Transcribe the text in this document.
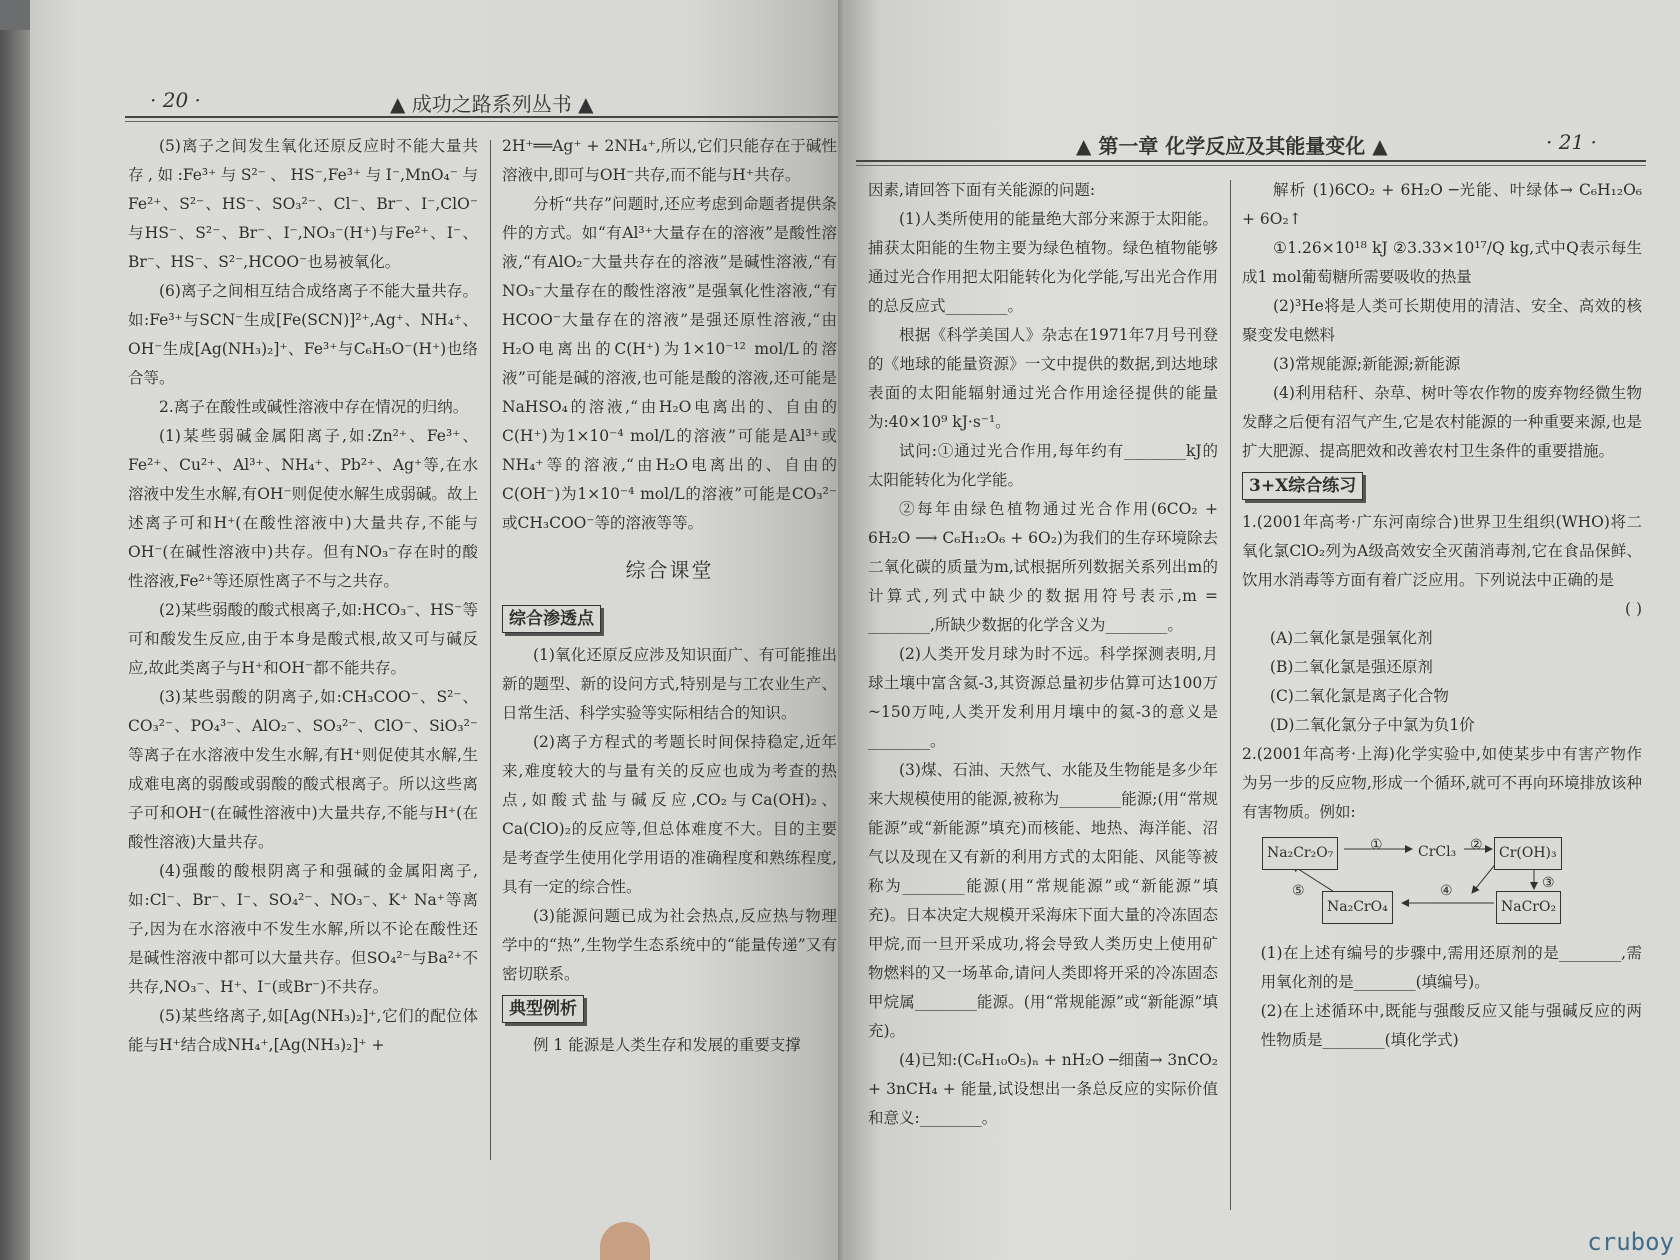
· 20 ·	▲ 成功之路系列丛书 ▲

(5)离子之间发生氧化还原反应时不能大量共存,如:Fe³⁺与S²⁻、HS⁻,Fe³⁺与I⁻,MnO₄⁻与Fe²⁺、S²⁻、HS⁻、SO₃²⁻、Cl⁻、Br⁻、I⁻,ClO⁻与HS⁻、S²⁻、Br⁻、I⁻,NO₃⁻(H⁺)与Fe²⁺、I⁻、Br⁻、HS⁻、S²⁻,HCOO⁻也易被氧化。

(6)离子之间相互结合成络离子不能大量共存。如:Fe³⁺与SCN⁻生成[Fe(SCN)]²⁺,Ag⁺、NH₄⁺、OH⁻生成[Ag(NH₃)₂]⁺、Fe³⁺与C₆H₅O⁻(H⁺)也络合等。

2.离子在酸性或碱性溶液中存在情况的归纳。

(1)某些弱碱金属阳离子,如:Zn²⁺、Fe³⁺、Fe²⁺、Cu²⁺、Al³⁺、NH₄⁺、Pb²⁺、Ag⁺等,在水溶液中发生水解,有OH⁻则促使水解生成弱碱。故上述离子可和H⁺(在酸性溶液中)大量共存,不能与OH⁻(在碱性溶液中)共存。但有NO₃⁻存在时的酸性溶液,Fe²⁺等还原性离子不与之共存。

(2)某些弱酸的酸式根离子,如:HCO₃⁻、HS⁻等可和酸发生反应,由于本身是酸式根,故又可与碱反应,故此类离子与H⁺和OH⁻都不能共存。

(3)某些弱酸的阴离子,如:CH₃COO⁻、S²⁻、CO₃²⁻、PO₄³⁻、AlO₂⁻、SO₃²⁻、ClO⁻、SiO₃²⁻等离子在水溶液中发生水解,有H⁺则促使其水解,生成难电离的弱酸或弱酸的酸式根离子。所以这些离子可和OH⁻(在碱性溶液中)大量共存,不能与H⁺(在酸性溶液)大量共存。

(4)强酸的酸根阴离子和强碱的金属阳离子,如:Cl⁻、Br⁻、I⁻、SO₄²⁻、NO₃⁻、K⁺ Na⁺等离子,因为在水溶液中不发生水解,所以不论在酸性还是碱性溶液中都可以大量共存。但SO₄²⁻与Ba²⁺不共存,NO₃⁻、H⁺、I⁻(或Br⁻)不共存。

(5)某些络离子,如[Ag(NH₃)₂]⁺,它们的配位体能与H⁺结合成NH₄⁺,[Ag(NH₃)₂]⁺ +

2H⁺══Ag⁺ + 2NH₄⁺,所以,它们只能存在于碱性溶液中,即可与OH⁻共存,而不能与H⁺共存。

分析“共存”问题时,还应考虑到命题者提供条件的方式。如“有Al³⁺大量存在的溶液”是酸性溶液,“有AlO₂⁻大量共存在的溶液”是碱性溶液,“有NO₃⁻大量存在的酸性溶液”是强氧化性溶液,“有HCOO⁻大量存在的溶液”是强还原性溶液,“由H₂O电离出的C(H⁺)为1×10⁻¹² mol/L的溶液”可能是碱的溶液,也可能是酸的溶液,还可能是NaHSO₄的溶液,“由H₂O电离出的、自由的C(H⁺)为1×10⁻⁴ mol/L的溶液”可能是Al³⁺或NH₄⁺等的溶液,“由H₂O电离出的、自由的C(OH⁻)为1×10⁻⁴ mol/L的溶液”可能是CO₃²⁻或CH₃COO⁻等的溶液等等。

综合课堂
综合渗透点

(1)氧化还原反应涉及知识面广、有可能推出新的题型、新的设问方式,特别是与工农业生产、日常生活、科学实验等实际相结合的知识。

(2)离子方程式的考题长时间保持稳定,近年来,难度较大的与量有关的反应也成为考查的热点,如酸式盐与碱反应,CO₂与Ca(OH)₂、Ca(ClO)₂的反应等,但总体难度不大。目的主要是考查学生使用化学用语的准确程度和熟练程度,具有一定的综合性。

(3)能源问题已成为社会热点,反应热与物理学中的“热”,生物学生态系统中的“能量传递”又有密切联系。

典型例析

例 1 能源是人类生存和发展的重要支撑

▲ 第一章 化学反应及其能量变化 ▲	· 21 ·

因素,请回答下面有关能源的问题:

(1)人类所使用的能量绝大部分来源于太阳能。捕获太阳能的生物主要为绿色植物。绿色植物能够通过光合作用把太阳能转化为化学能,写出光合作用的总反应式________。

根据《科学美国人》杂志在1971年7月号刊登的《地球的能量资源》一文中提供的数据,到达地球表面的太阳能辐射通过光合作用途径提供的能量为:40×10⁹ kJ·s⁻¹。

试问:①通过光合作用,每年约有________kJ的太阳能转化为化学能。

②每年由绿色植物通过光合作用(6CO₂ + 6H₂O ⟶ C₆H₁₂O₆ + 6O₂)为我们的生存环境除去二氧化碳的质量为m,试根据所列数据关系列出m的计算式,列式中缺少的数据用符号表示,m = ________,所缺少数据的化学含义为________。

(2)人类开发月球为时不远。科学探测表明,月球土壤中富含氦-3,其资源总量初步估算可达100万~150万吨,人类开发利用月壤中的氦-3的意义是________。

(3)煤、石油、天然气、水能及生物能是多少年来大规模使用的能源,被称为________能源;(用“常规能源”或“新能源”填充)而核能、地热、海洋能、沼气以及现在又有新的利用方式的太阳能、风能等被称为________能源(用“常规能源”或“新能源”填充)。日本决定大规模开采海床下面大量的冷冻固态甲烷,而一旦开采成功,将会导致人类历史上使用矿物燃料的又一场革命,请问人类即将开采的冷冻固态甲烷属________能源。(用“常规能源”或“新能源”填充)。

(4)已知:(C₆H₁₀O₅)ₙ + nH₂O ─细菌→ 3nCO₂ + 3nCH₄ + 能量,试设想出一条总反应的实际价值和意义:________。

解析 (1)6CO₂ + 6H₂O ─光能、叶绿体→ C₆H₁₂O₆ + 6O₂↑

①1.26×10¹⁸ kJ ②3.33×10¹⁷/Q kg,式中Q表示每生成1 mol葡萄糖所需要吸收的热量

(2)³He将是人类可长期使用的清洁、安全、高效的核聚变发电燃料

(3)常规能源;新能源;新能源

(4)利用秸秆、杂草、树叶等农作物的废弃物经微生物发酵之后便有沼气产生,它是农村能源的一种重要来源,也是扩大肥源、提高肥效和改善农村卫生条件的重要措施。

3+X综合练习

1.(2001年高考·广东河南综合)世界卫生组织(WHO)将二氧化氯ClO₂列为A级高效安全灭菌消毒剂,它在食品保鲜、饮用水消毒等方面有着广泛应用。下列说法中正确的是

( )

(A)二氧化氯是强氧化剂

(B)二氧化氯是强还原剂

(C)二氧化氯是离子化合物

(D)二氧化氯分子中氯为负1价

2.(2001年高考·上海)化学实验中,如使某步中有害产物作为另一步的反应物,形成一个循环,就可不再向环境排放该种有害物质。例如:

Na₂Cr₂O₇	CrCl₃	Cr(OH)₃
Na₂CrO₄	NaCrO₂
①	②
③
④
⑤

(1)在上述有编号的步骤中,需用还原剂的是________,需用氧化剂的是________(填编号)。

(2)在上述循环中,既能与强酸反应又能与强碱反应的两性物质是________(填化学式)

cruboy
